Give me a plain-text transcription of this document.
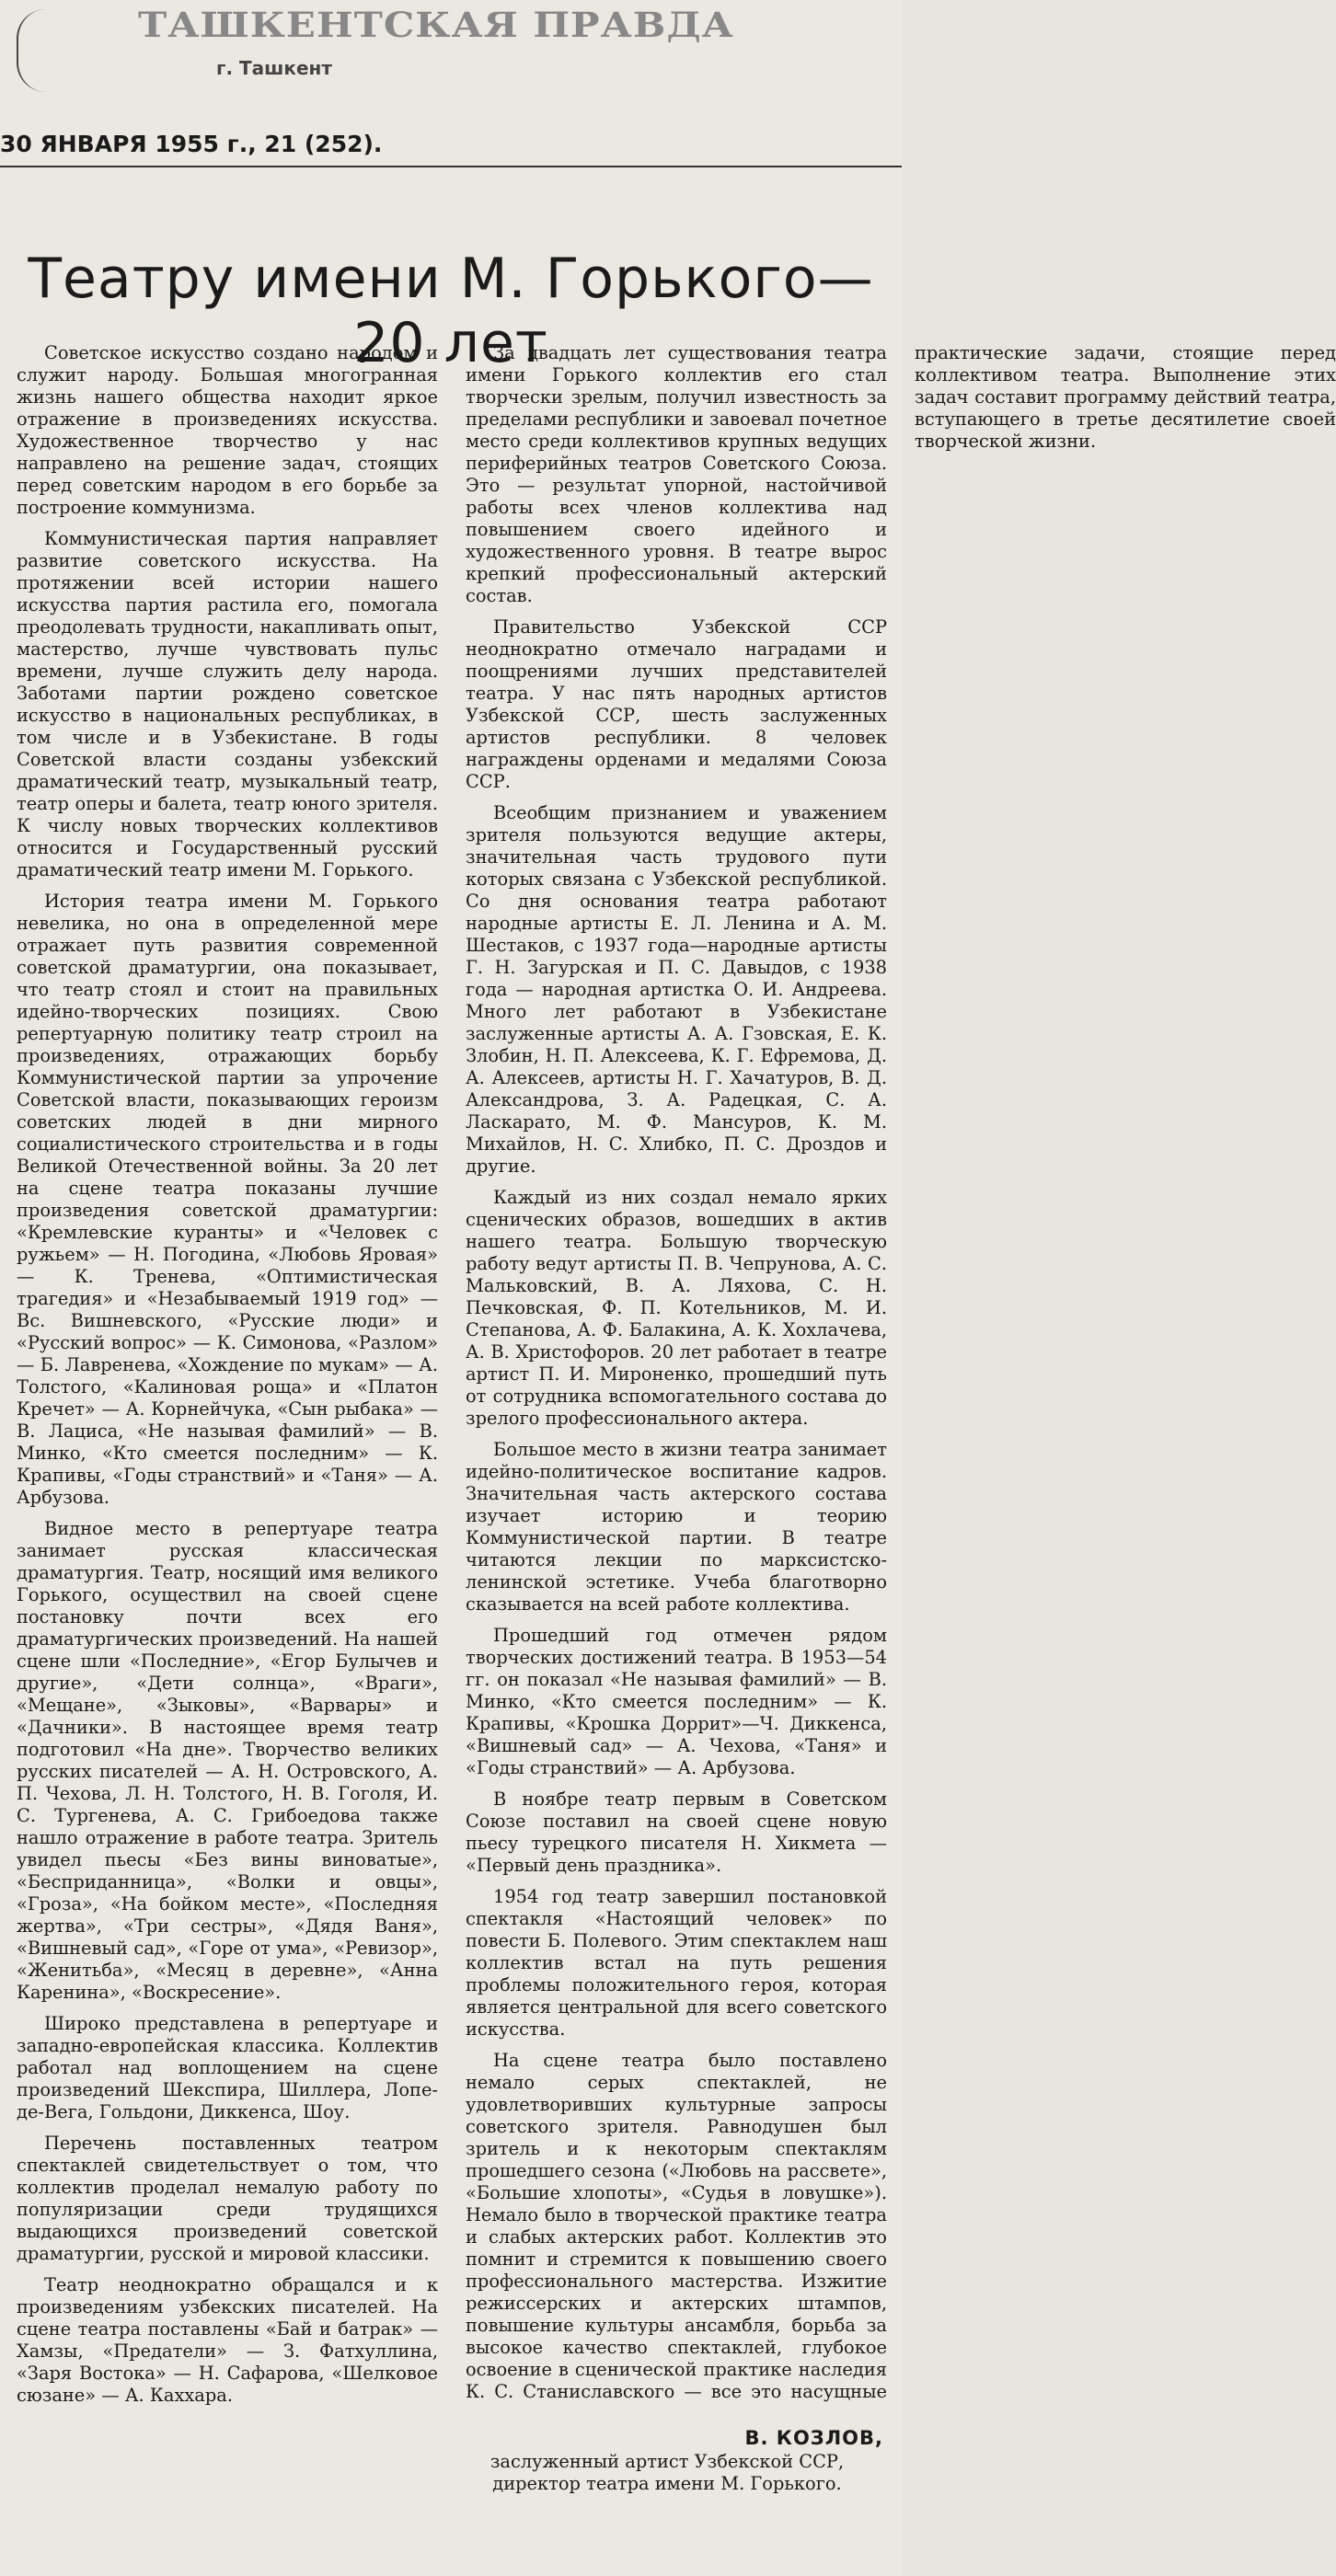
ТАШКЕНТСКАЯ ПРАВДА
г. Ташкент
30 ЯНВАРЯ 1955 г., 21 (252).
Театру имени М. Горького— 20 лет

Советское искусство создано народом и служит народу. Большая многогранная жизнь нашего общества находит яркое отражение в произведениях искусства. Художественное творчество у нас направлено на решение задач, стоящих перед советским народом в его борьбе за построение коммунизма.

Коммунистическая партия направляет развитие советского искусства. На протяжении всей истории нашего искусства партия растила его, помогала преодолевать трудности, накапливать опыт, мастерство, лучше чувствовать пульс времени, лучше служить делу народа. Заботами партии рождено советское искусство в национальных республиках, в том числе и в Узбекистане. В годы Советской власти созданы узбекский драматический театр, музыкальный театр, театр оперы и балета, театр юного зрителя. К числу новых творческих коллективов относится и Государственный русский драматический театр имени М. Горького.

История театра имени М. Горького невелика, но она в определенной мере отражает путь развития современной советской драматургии, она показывает, что театр стоял и стоит на правильных идейно-творческих позициях. Свою репертуарную политику театр строил на произведениях, отражающих борьбу Коммунистической партии за упрочение Советской власти, показывающих героизм советских людей в дни мирного социалистического строительства и в годы Великой Отечественной войны. За 20 лет на сцене театра показаны лучшие произведения советской драматургии: «Кремлевские куранты» и «Человек с ружьем» — Н. Погодина, «Любовь Яровая» — К. Тренева, «Оптимистическая трагедия» и «Незабываемый 1919 год» — Вс. Вишневского, «Русские люди» и «Русский вопрос» — К. Симонова, «Разлом» — Б. Лавренева, «Хождение по мукам» — А. Толстого, «Калиновая роща» и «Платон Кречет» — А. Корнейчука, «Сын рыбака» — В. Лациса, «Не называя фамилий» — В. Минко, «Кто смеется последним» — К. Крапивы, «Годы странствий» и «Таня» — А. Арбузова.

Видное место в репертуаре театра занимает русская классическая драматургия. Театр, носящий имя великого Горького, осуществил на своей сцене постановку почти всех его драматургических произведений. На нашей сцене шли «Последние», «Егор Булычев и другие», «Дети солнца», «Враги», «Мещане», «Зыковы», «Варвары» и «Дачники». В настоящее время театр подготовил «На дне». Творчество великих русских писателей — А. Н. Островского, А. П. Чехова, Л. Н. Толстого, Н. В. Гоголя, И. С. Тургенева, А. С. Грибоедова также нашло отражение в работе театра. Зритель увидел пьесы «Без вины виноватые», «Бесприданница», «Волки и овцы», «Гроза», «На бойком месте», «Последняя жертва», «Три сестры», «Дядя Ваня», «Вишневый сад», «Горе от ума», «Ревизор», «Женитьба», «Месяц в деревне», «Анна Каренина», «Воскресение».

Широко представлена в репертуаре и западно-европейская классика. Коллектив работал над воплощением на сцене произведений Шекспира, Шиллера, Лопе-де-Вега, Гольдони, Диккенса, Шоу.

Перечень поставленных театром спектаклей свидетельствует о том, что коллектив проделал немалую работу по популяризации среди трудящихся выдающихся произведений советской драматургии, русской и мировой классики.

Театр неоднократно обращался и к произведениям узбекских писателей. На сцене театра поставлены «Бай и батрак» — Хамзы, «Предатели» — З. Фатхуллина, «Заря Востока» — Н. Сафарова, «Шелковое сюзане» — А. Каххара.

За двадцать лет существования театра имени Горького коллектив его стал творчески зрелым, получил известность за пределами республики и завоевал почетное место среди коллективов крупных ведущих периферийных театров Советского Союза. Это — результат упорной, настойчивой работы всех членов коллектива над повышением своего идейного и художественного уровня. В театре вырос крепкий профессиональный актерский состав.

Правительство Узбекской ССР неоднократно отмечало наградами и поощрениями лучших представителей театра. У нас пять народных артистов Узбекской ССР, шесть заслуженных артистов республики. 8 человек награждены орденами и медалями Союза ССР.

Всеобщим признанием и уважением зрителя пользуются ведущие актеры, значительная часть трудового пути которых связана с Узбекской республикой. Со дня основания театра работают народные артисты Е. Л. Ленина и А. М. Шестаков, с 1937 года—народные артисты Г. Н. Загурская и П. С. Давыдов, с 1938 года — народная артистка О. И. Андреева. Много лет работают в Узбекистане заслуженные артисты А. А. Гзовская, Е. К. Злобин, Н. П. Алексеева, К. Г. Ефремова, Д. А. Алексеев, артисты Н. Г. Хачатуров, В. Д. Александрова, З. А. Радецкая, С. А. Ласкарато, М. Ф. Мансуров, К. М. Михайлов, Н. С. Хлибко, П. С. Дроздов и другие.

Каждый из них создал немало ярких сценических образов, вошедших в актив нашего театра. Большую творческую работу ведут артисты П. В. Чепрунова, А. С. Мальковский, В. А. Ляхова, С. Н. Печковская, Ф. П. Котельников, М. И. Степанова, А. Ф. Балакина, А. К. Хохлачева, А. В. Христофоров. 20 лет работает в театре артист П. И. Мироненко, прошедший путь от сотрудника вспомогательного состава до зрелого профессионального актера.

Большое место в жизни театра занимает идейно-политическое воспитание кадров. Значительная часть актерского состава изучает историю и теорию Коммунистической партии. В театре читаются лекции по марксистско-ленинской эстетике. Учеба благотворно сказывается на всей работе коллектива.

Прошедший год отмечен рядом творческих достижений театра. В 1953—54 гг. он показал «Не называя фамилий» — В. Минко, «Кто смеется последним» — К. Крапивы, «Крошка Доррит»—Ч. Диккенса, «Вишневый сад» — А. Чехова, «Таня» и «Годы странствий» — А. Арбузова.

В ноябре театр первым в Советском Союзе поставил на своей сцене новую пьесу турецкого писателя Н. Хикмета — «Первый день праздника».

1954 год театр завершил постановкой спектакля «Настоящий человек» по повести Б. Полевого. Этим спектаклем наш коллектив встал на путь решения проблемы положительного героя, которая является центральной для всего советского искусства.

На сцене театра было поставлено немало серых спектаклей, не удовлетворивших культурные запросы советского зрителя. Равнодушен был зритель и к некоторым спектаклям прошедшего сезона («Любовь на рассвете», «Большие хлопоты», «Судья в ловушке»). Немало было в творческой практике театра и слабых актерских работ. Коллектив это помнит и стремится к повышению своего профессионального мастерства. Изжитие режиссерских и актерских штампов, повышение культуры ансамбля, борьба за высокое качество спектаклей, глубокое освоение в сценической практике наследия К. С. Станиславского — все это насущные практические задачи, стоящие перед коллективом театра. Выполнение этих задач составит программу действий театра, вступающего в третье десятилетие своей творческой жизни.

В. КОЗЛОВ,
заслуженный артист Узбекской ССР, директор театра имени М. Горького.
